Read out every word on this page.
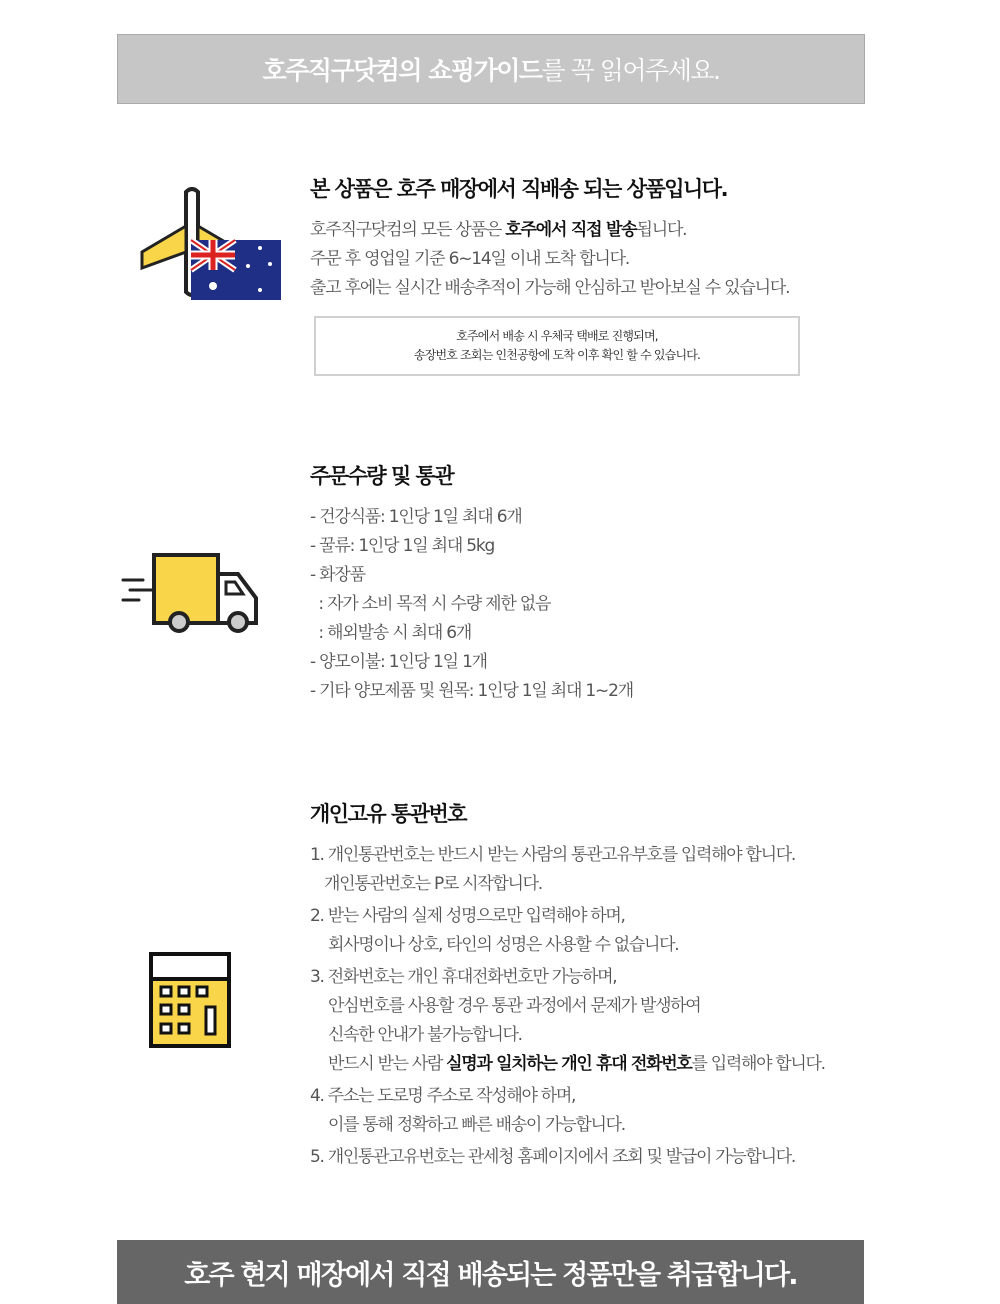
호주직구닷컴의 쇼핑가이드 를 꼭 읽어주세요.
본 상품은 호주 매장에서 직배송 되는 상품입니다.
호주직구닷컴의 모든 상품은 호주에서 직접 발송됩니다.
주문 후 영업일 기준 6~14일 이내 도착 합니다.
출고 후에는 실시간 배송추적이 가능해 안심하고 받아보실 수 있습니다.
호주에서 배송 시 우체국 택배로 진행되며,
송장번호 조회는 인천공항에 도착 이후 확인 할 수 있습니다.
주문수량 및 통관
- 건강식품: 1인당 1일 최대 6개
- 꿀류: 1인당 1일 최대 5kg
- 화장품
: 자가 소비 목적 시 수량 제한 없음
: 해외발송 시 최대 6개
- 양모이불: 1인당 1일 1개
- 기타 양모제품 및 원목: 1인당 1일 최대 1~2개
개인고유 통관번호
1. 개인통관번호는 반드시 받는 사람의 통관고유부호를 입력해야 합니다.
개인통관번호는 P로 시작합니다.
2. 받는 사람의 실제 성명으로만 입력해야 하며,
회사명이나 상호, 타인의 성명은 사용할 수 없습니다.
3. 전화번호는 개인 휴대전화번호만 가능하며,
안심번호를 사용할 경우 통관 과정에서 문제가 발생하여
신속한 안내가 불가능합니다.
반드시 받는 사람 실명과 일치하는 개인 휴대 전화번호를 입력해야 합니다.
4. 주소는 도로명 주소로 작성해야 하며,
이를 통해 정확하고 빠른 배송이 가능합니다.
5. 개인통관고유번호는 관세청 홈페이지에서 조회 및 발급이 가능합니다.
호주 현지 매장에서 직접 배송되는 정품만을 취급합니다.
